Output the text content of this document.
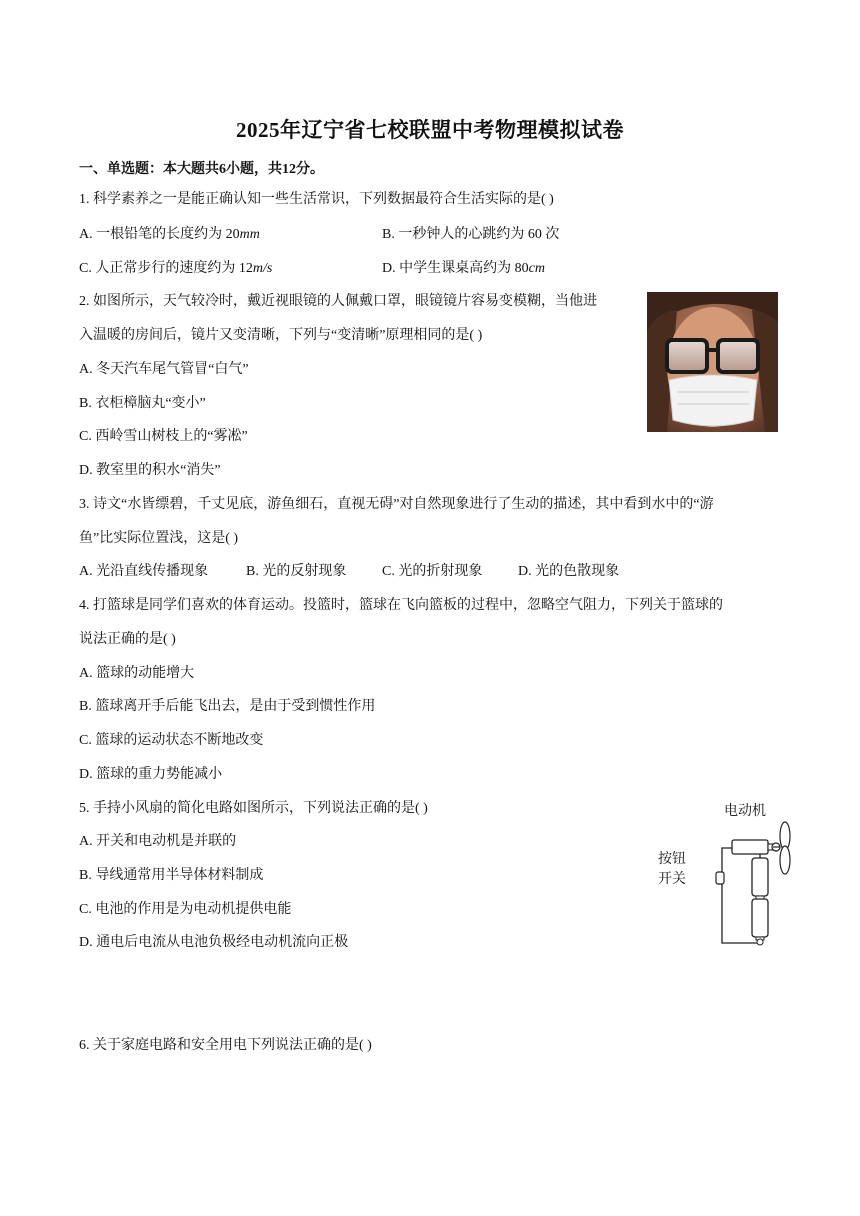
2025年辽宁省七校联盟中考物理模拟试卷
一、单选题：本大题共6小题，共12分。
1. 科学素养之一是能正确认知一些生活常识，下列数据最符合生活实际的是( )
A. 一根铅笔的长度约为 20mm	B. 一秒钟人的心跳约为 60 次
C. 人正常步行的速度约为 12m/s	D. 中学生课桌高约为 80cm
2. 如图所示，天气较冷时，戴近视眼镜的人佩戴口罩，眼镜镜片容易变模糊，当他进
入温暖的房间后，镜片又变清晰，下列与“变清晰”原理相同的是( )
A. 冬天汽车尾气管冒“白气”
B. 衣柜樟脑丸“变小”
C. 西岭雪山树枝上的“雾凇”
D. 教室里的积水“消失”
3. 诗文“水皆缥碧，千丈见底，游鱼细石，直视无碍”对自然现象进行了生动的描述，其中看到水中的“游
鱼”比实际位置浅，这是( )
A. 光沿直线传播现象	B. 光的反射现象	C. 光的折射现象	D. 光的色散现象
4. 打篮球是同学们喜欢的体育运动。投篮时，篮球在飞向篮板的过程中，忽略空气阻力，下列关于篮球的
说法正确的是( )
A. 篮球的动能增大
B. 篮球离开手后能飞出去，是由于受到惯性作用
C. 篮球的运动状态不断地改变
D. 篮球的重力势能减小
5. 手持小风扇的简化电路如图所示，下列说法正确的是( )
A. 开关和电动机是并联的
B. 导线通常用半导体材料制成
C. 电池的作用是为电动机提供电能
D. 通电后电流从电池负极经电动机流向正极
电动机
按钮
开关
6. 关于家庭电路和安全用电下列说法正确的是( )
